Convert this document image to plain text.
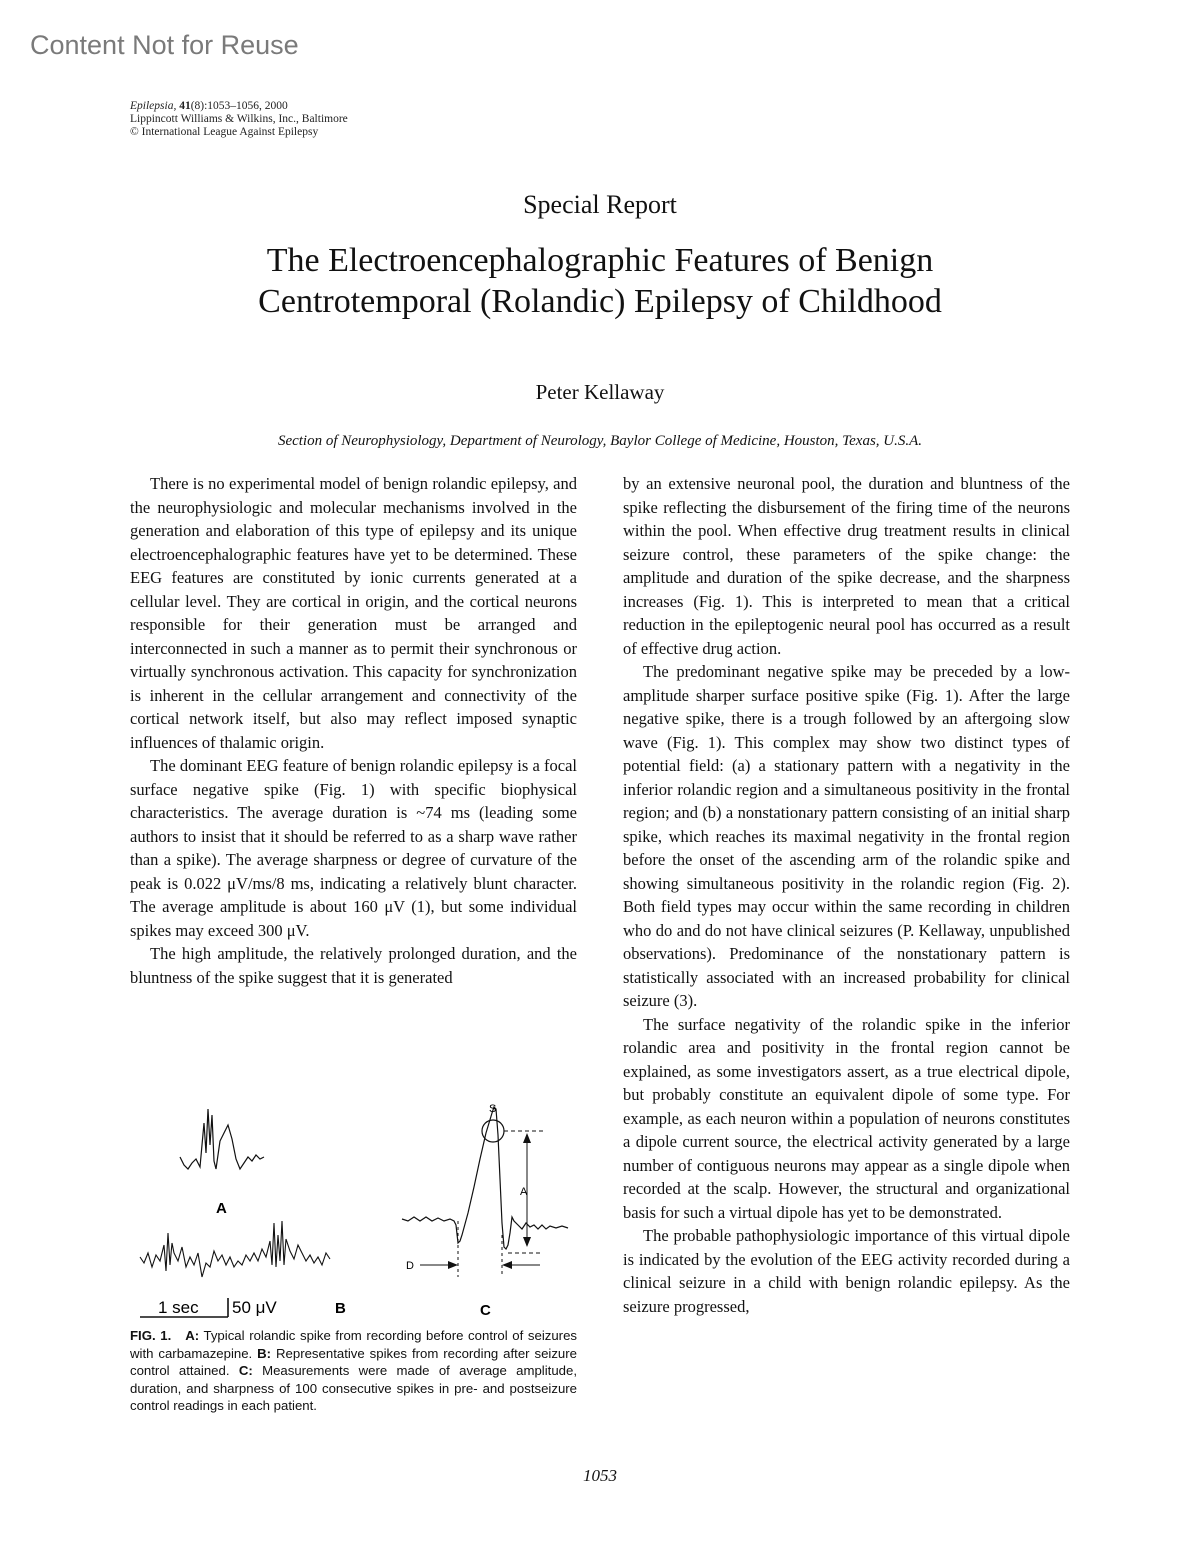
Content Not for Reuse
Epilepsia, 41(8):1053–1056, 2000
Lippincott Williams & Wilkins, Inc., Baltimore
© International League Against Epilepsy
Special Report
The Electroencephalographic Features of Benign
Centrotemporal (Rolandic) Epilepsy of Childhood
Peter Kellaway
Section of Neurophysiology, Department of Neurology, Baylor College of Medicine, Houston, Texas, U.S.A.

There is no experimental model of benign rolandic epilepsy, and the neurophysiologic and molecular mechanisms involved in the generation and elaboration of this type of epilepsy and its unique electroencephalographic features have yet to be determined. These EEG features are constituted by ionic currents generated at a cellular level. They are cortical in origin, and the cortical neurons responsible for their generation must be arranged and interconnected in such a manner as to permit their synchronous or virtually synchronous activation. This capacity for synchronization is inherent in the cellular arrangement and connectivity of the cortical network itself, but also may reflect imposed synaptic influences of thalamic origin.

The dominant EEG feature of benign rolandic epilepsy is a focal surface negative spike (Fig. 1) with specific biophysical characteristics. The average duration is ~74 ms (leading some authors to insist that it should be referred to as a sharp wave rather than a spike). The average sharpness or degree of curvature of the peak is 0.022 μV/ms/8 ms, indicating a relatively blunt character. The average amplitude is about 160 μV (1), but some individual spikes may exceed 300 μV.

The high amplitude, the relatively prolonged duration, and the bluntness of the spike suggest that it is generated

by an extensive neuronal pool, the duration and bluntness of the spike reflecting the disbursement of the firing time of the neurons within the pool. When effective drug treatment results in clinical seizure control, these parameters of the spike change: the amplitude and duration of the spike decrease, and the sharpness increases (Fig. 1). This is interpreted to mean that a critical reduction in the epileptogenic neural pool has occurred as a result of effective drug action.

The predominant negative spike may be preceded by a low-amplitude sharper surface positive spike (Fig. 1). After the large negative spike, there is a trough followed by an aftergoing slow wave (Fig. 1). This complex may show two distinct types of potential field: (a) a stationary pattern with a negativity in the inferior rolandic region and a simultaneous positivity in the frontal region; and (b) a nonstationary pattern consisting of an initial sharp spike, which reaches its maximal negativity in the frontal region before the onset of the ascending arm of the rolandic spike and showing simultaneous positivity in the rolandic region (Fig. 2). Both field types may occur within the same recording in children who do and do not have clinical seizures (P. Kellaway, unpublished observations). Predominance of the nonstationary pattern is statistically associated with an increased probability for clinical seizure (3).

The surface negativity of the rolandic spike in the inferior rolandic area and positivity in the frontal region cannot be explained, as some investigators assert, as a true electrical dipole, but probably constitute an equivalent dipole of some type. For example, as each neuron within a population of neurons constitutes a dipole current source, the electrical activity generated by a large number of contiguous neurons may appear as a single dipole when recorded at the scalp. However, the structural and organizational basis for such a virtual dipole has yet to be demonstrated.

The probable pathophysiologic importance of this virtual dipole is indicated by the evolution of the EEG activity recorded during a clinical seizure in a child with benign rolandic epilepsy. As the seizure progressed,

A
B
1 sec 50 μV
S
A
D
C
FIG. 1. A: Typical rolandic spike from recording before control of seizures with carbamazepine. B: Representative spikes from recording after seizure control attained. C: Measurements were made of average amplitude, duration, and sharpness of 100 consecutive spikes in pre- and postseizure control readings in each patient.
1053
